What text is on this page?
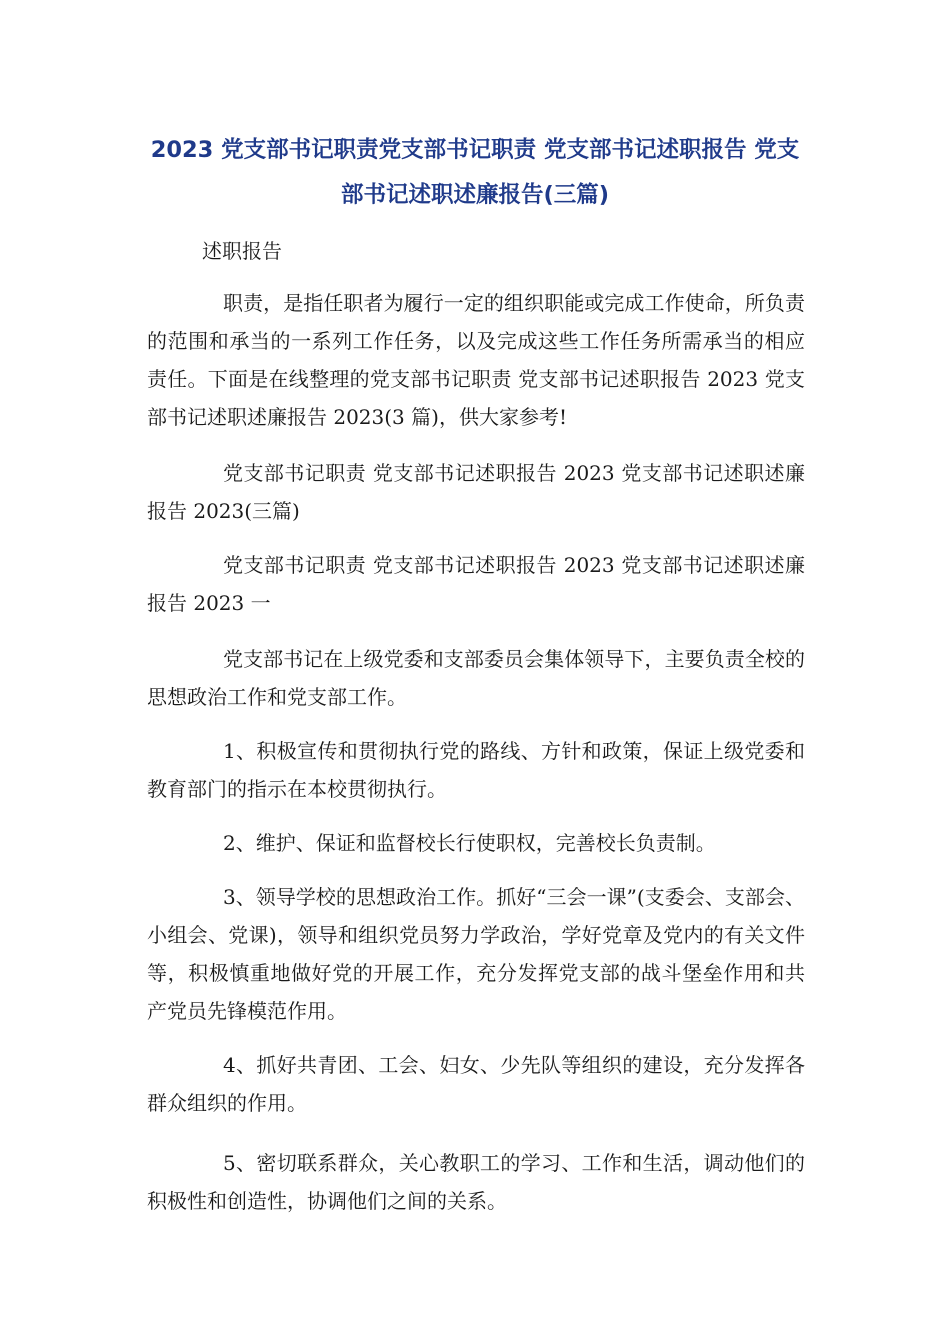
2023 党支部书记职责党支部书记职责 党支部书记述职报告 党支部书记述职述廉报告(三篇)

述职报告

职责，是指任职者为履行一定的组织职能或完成工作使命，所负责的范围和承当的一系列工作任务，以及完成这些工作任务所需承当的相应责任。下面是在线整理的党支部书记职责 党支部书记述职报告 2023 党支部书记述职述廉报告 2023(3 篇)，供大家参考!

党支部书记职责 党支部书记述职报告 2023 党支部书记述职述廉报告 2023(三篇)

党支部书记职责 党支部书记述职报告 2023 党支部书记述职述廉报告 2023 一

党支部书记在上级党委和支部委员会集体领导下，主要负责全校的思想政治工作和党支部工作。

1、积极宣传和贯彻执行党的路线、方针和政策，保证上级党委和教育部门的指示在本校贯彻执行。

2、维护、保证和监督校长行使职权，完善校长负责制。

3、领导学校的思想政治工作。抓好“三会一课”(支委会、支部会、小组会、党课)，领导和组织党员努力学政治，学好党章及党内的有关文件等，积极慎重地做好党的开展工作，充分发挥党支部的战斗堡垒作用和共产党员先锋模范作用。

4、抓好共青团、工会、妇女、少先队等组织的建设，充分发挥各群众组织的作用。

5、密切联系群众，关心教职工的学习、工作和生活，调动他们的积极性和创造性，协调他们之间的关系。
